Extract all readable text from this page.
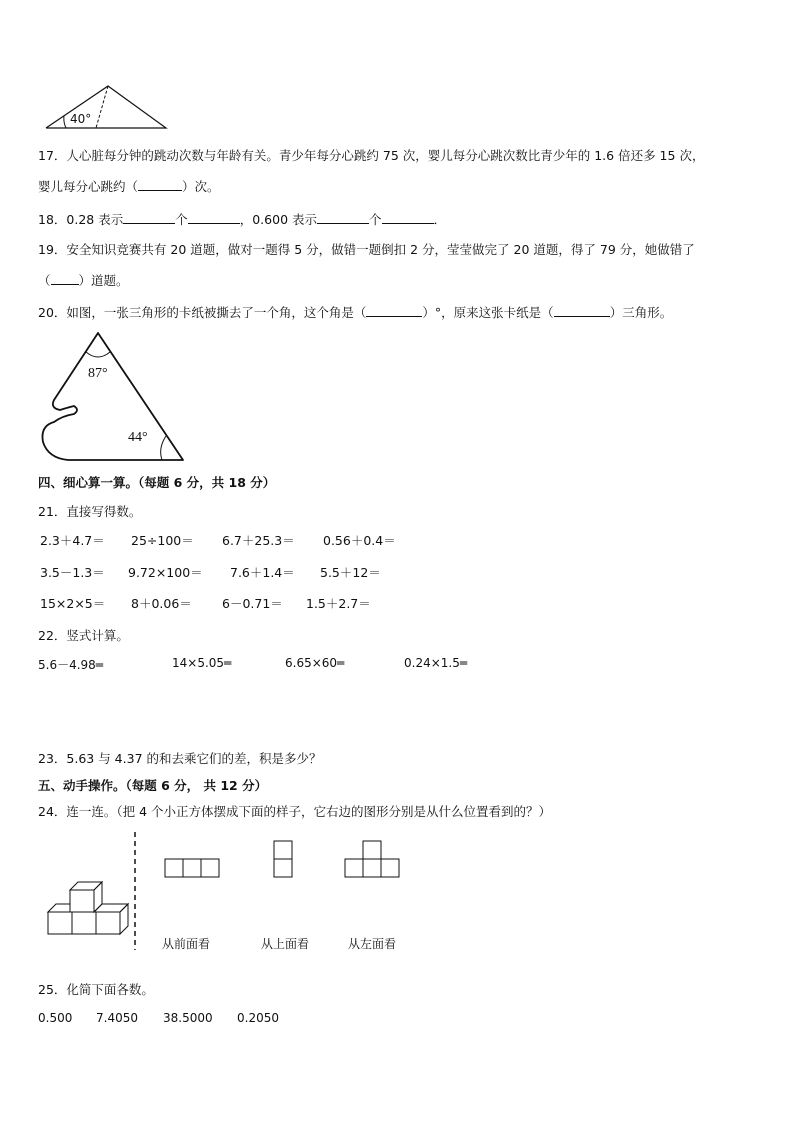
40°
17．人心脏每分钟的跳动次数与年龄有关。青少年每分心跳约 75 次，婴儿每分心跳次数比青少年的 1.6 倍还多 15 次，
婴儿每分心跳约（	）次。
18．0.28 表示	个	，0.600 表示	个	．
19．安全知识竞赛共有 20 道题，做对一题得 5 分，做错一题倒扣 2 分，莹莹做完了 20 道题，得了 79 分，她做错了
（ ）道题。
20．如图，一张三角形的卡纸被撕去了一个角，这个角是（	）°，原来这张卡纸是（	）三角形。
87°
44°
四、细心算一算。（每题 6 分，共 18 分）
21．直接写得数。
2.3＋4.7＝ 25÷100＝ 6.7＋25.3＝ 0.56＋0.4＝
3.5－1.3＝ 9.72×100＝ 7.6＋1.4＝ 5.5＋12＝
15×2×5＝ 8＋0.06＝ 6－0.71＝ 1.5＋2.7＝
22．竖式计算。
5.6－4.98═	14×5.05═	6.65×60═	0.24×1.5═
23．5.63 与 4.37 的和去乘它们的差，积是多少？
五、动手操作。（每题 6 分， 共 12 分）
24．连一连。（把 4 个小正方体摆成下面的样子，它右边的图形分别是从什么位置看到的？）
从前面看	从上面看	从左面看
25．化简下面各数。
0.500 7.4050 38.5000 0.2050
